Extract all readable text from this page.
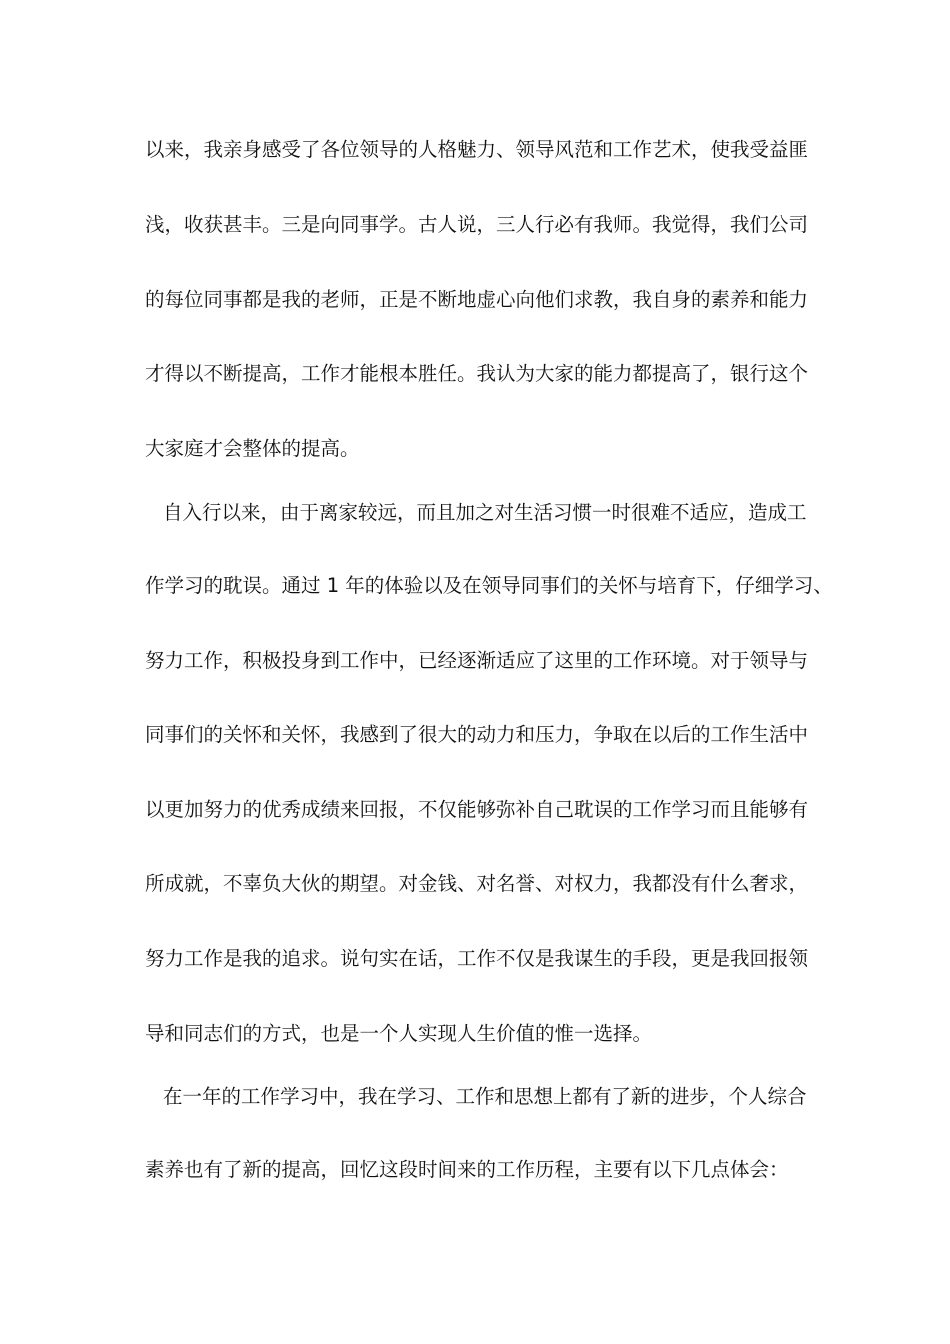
以来，我亲身感受了各位领导的人格魅力、领导风范和工作艺术，使我受益匪
浅，收获甚丰。三是向同事学。古人说，三人行必有我师。我觉得，我们公司
的每位同事都是我的老师，正是不断地虚心向他们求教，我自身的素养和能力
才得以不断提高，工作才能根本胜任。我认为大家的能力都提高了，银行这个
大家庭才会整体的提高。
自入行以来，由于离家较远，而且加之对生活习惯一时很难不适应，造成工
作学习的耽误。通过 1 年的体验以及在领导同事们的关怀与培育下，仔细学习、
努力工作，积极投身到工作中，已经逐渐适应了这里的工作环境。对于领导与
同事们的关怀和关怀，我感到了很大的动力和压力，争取在以后的工作生活中
以更加努力的优秀成绩来回报，不仅能够弥补自己耽误的工作学习而且能够有
所成就，不辜负大伙的期望。对金钱、对名誉、对权力，我都没有什么奢求，
努力工作是我的追求。说句实在话，工作不仅是我谋生的手段，更是我回报领
导和同志们的方式，也是一个人实现人生价值的惟一选择。
在一年的工作学习中，我在学习、工作和思想上都有了新的进步，个人综合
素养也有了新的提高，回忆这段时间来的工作历程，主要有以下几点体会：
